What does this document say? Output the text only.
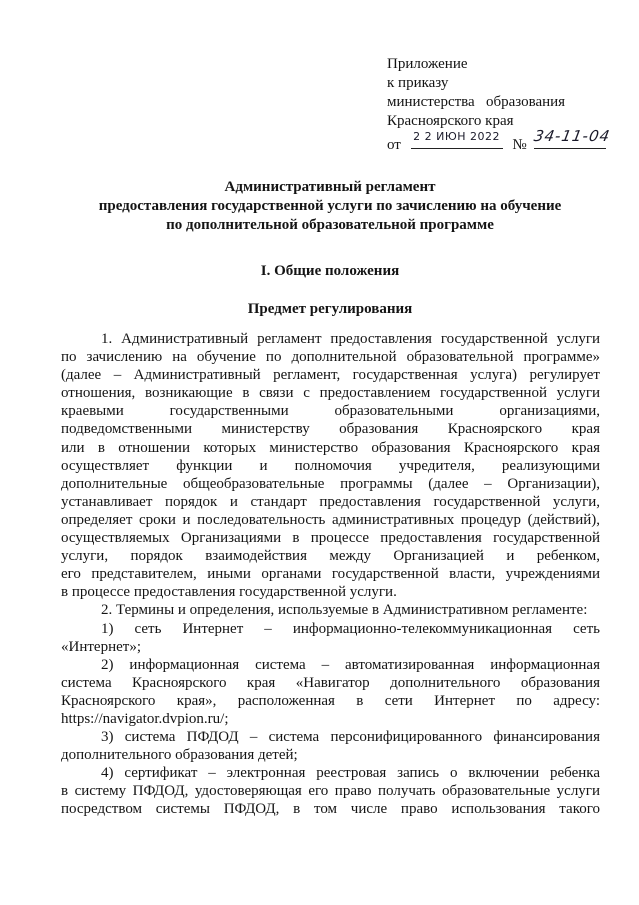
Приложение
к приказу
министерства   образования
Красноярского края
от
2 2 ИЮН 2022
№ 34-11-04
Административный регламент
предоставления государственной услуги по зачислению на обучение
по дополнительной образовательной программе
I. Общие положения
Предмет регулирования

1. Административный регламент предоставления государственной услуги

по зачислению на обучение по дополнительной образовательной программе»

(далее – Административный регламент, государственная услуга) регулирует

отношения, возникающие в связи с предоставлением государственной услуги

краевыми государственными образовательными организациями,

подведомственными министерству образования Красноярского края

или в отношении которых министерство образования Красноярского края

осуществляет функции и полномочия учредителя, реализующими

дополнительные общеобразовательные программы (далее – Организации),

устанавливает порядок и стандарт предоставления государственной услуги,

определяет сроки и последовательность административных процедур (действий),

осуществляемых Организациями в процессе предоставления государственной

услуги, порядок взаимодействия между Организацией и ребенком,

его представителем, иными органами государственной власти, учреждениями

в процессе предоставления государственной услуги.

2. Термины и определения, используемые в Административном регламенте:

1) сеть Интернет – информационно-телекоммуникационная сеть

«Интернет»;

2) информационная система – автоматизированная информационная

система Красноярского края «Навигатор дополнительного образования

Красноярского края», расположенная в сети Интернет по адресу:

https://navigator.dvpion.ru/;

3) система ПФДОД – система персонифицированного финансирования

дополнительного образования детей;

4) сертификат – электронная реестровая запись о включении ребенка

в систему ПФДОД, удостоверяющая его право получать образовательные услуги

посредством системы ПФДОД, в том числе право использования такого
